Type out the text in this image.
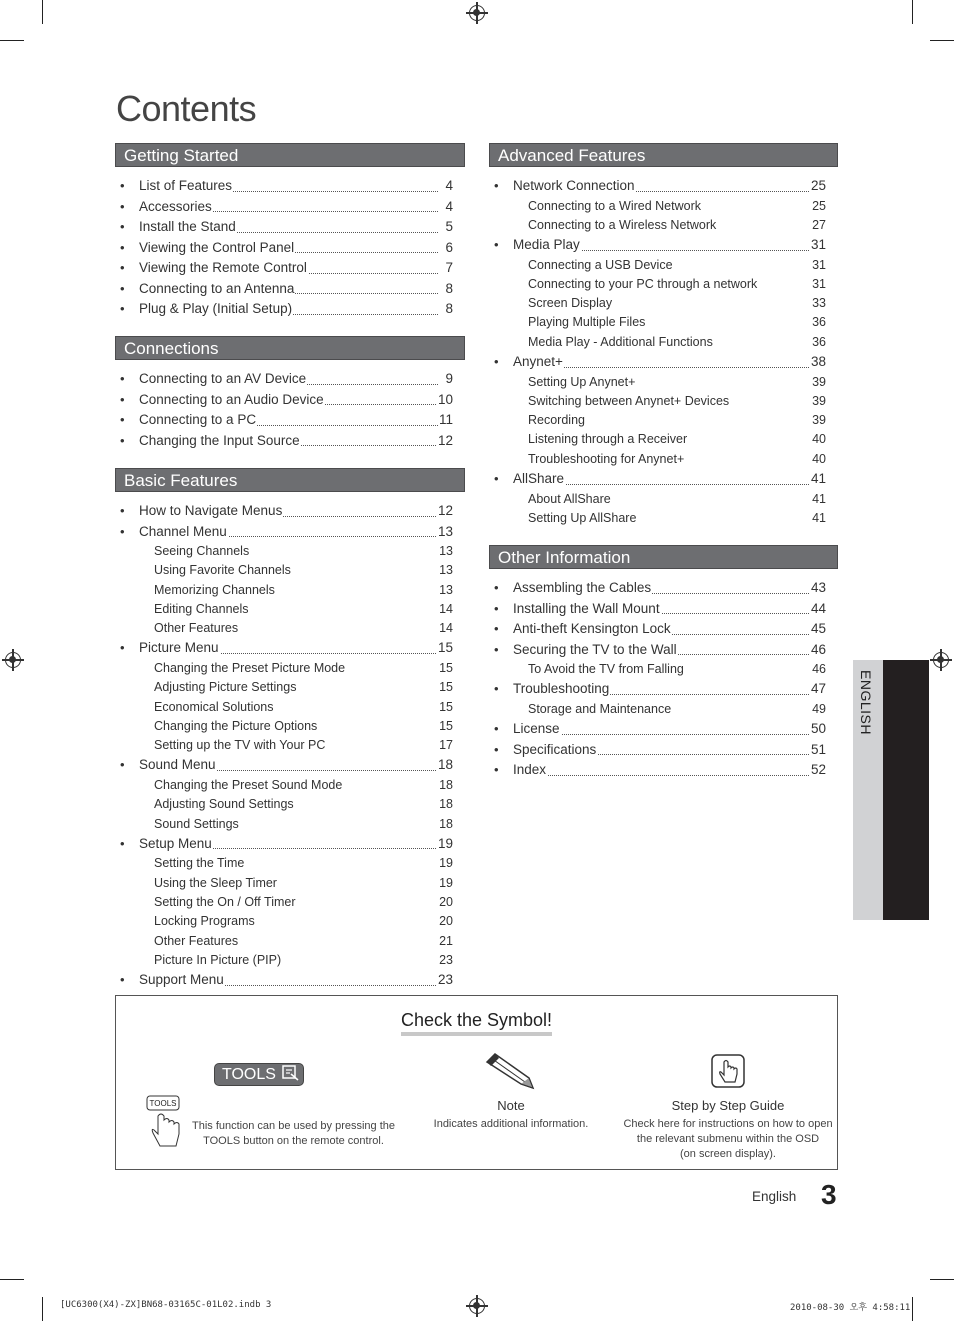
Contents
Getting Started
• List of Features	4
• Accessories	4
• Install the Stand	5
• Viewing the Control Panel	6
• Viewing the Remote Control	7
• Connecting to an Antenna	8
• Plug & Play (Initial Setup)	8
Connections
• Connecting to an AV Device	9
• Connecting to an Audio Device	10
• Connecting to a PC	11
• Changing the Input Source	12
Basic Features
• How to Navigate Menus	12
• Channel Menu	13
Seeing Channels	13
Using Favorite Channels	13
Memorizing Channels	13
Editing Channels	14
Other Features	14
• Picture Menu	15
Changing the Preset Picture Mode	15
Adjusting Picture Settings	15
Economical Solutions	15
Changing the Picture Options	15
Setting up the TV with Your PC	17
• Sound Menu	18
Changing the Preset Sound Mode	18
Adjusting Sound Settings	18
Sound Settings	18
• Setup Menu	19
Setting the Time	19
Using the Sleep Timer	19
Setting the On / Off Timer	20
Locking Programs	20
Other Features	21
Picture In Picture (PIP)	23
• Support Menu	23
Advanced Features
• Network Connection	25
Connecting to a Wired Network	25
Connecting to a Wireless Network	27
• Media Play	31
Connecting a USB Device	31
Connecting to your PC through a network	31
Screen Display	33
Playing Multiple Files	36
Media Play - Additional Functions	36
• Anynet+	38
Setting Up Anynet+	39
Switching between Anynet+ Devices	39
Recording	39
Listening through a Receiver	40
Troubleshooting for Anynet+	40
• AllShare	41
About AllShare	41
Setting Up AllShare	41
Other Information
• Assembling the Cables	43
• Installing the Wall Mount	44
• Anti-theft Kensington Lock	45
• Securing the TV to the Wall	46
To Avoid the TV from Falling	46
• Troubleshooting	47
Storage and Maintenance	49
• License	50
• Specifications	51
• Index	52
ENGLISH
Check the Symbol!
TOOLS
TOOLS
This function can be used by pressing the
TOOLS button on the remote control.
Note
Indicates additional information.
Step by Step Guide
Check here for instructions on how to open
the relevant submenu within the OSD
(on screen display).
English 3
[UC6300(X4)-ZX]BN68-03165C-01L02.indb 3	2010-08-30 오후 4:58:11
